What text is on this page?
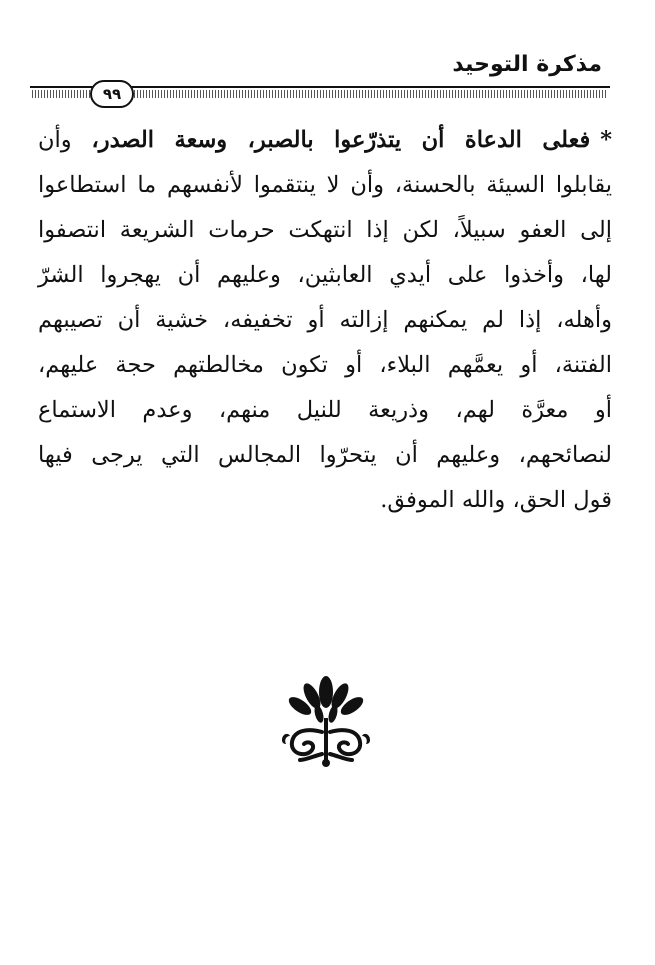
مذكرة التوحيد
٩٩
*فعلى الدعاة أن يتذرّعوا بالصبر، وسعة الصدر، وأن
يقابلوا السيئة بالحسنة، وأن لا ينتقموا لأنفسهم ما استطاعوا
إلى العفو سبيلاً، لكن إذا انتهكت حرمات الشريعة انتصفوا
لها، وأخذوا على أيدي العابثين، وعليهم أن يهجروا الشرّ
وأهله، إذا لم يمكنهم إزالته أو تخفيفه، خشية أن تصيبهم
الفتنة، أو يعمَّهم البلاء، أو تكون مخالطتهم حجة عليهم،
أو معرَّة لهم، وذريعة للنيل منهم، وعدم الاستماع
لنصائحهم، وعليهم أن يتحرّوا المجالس التي يرجى فيها
قول الحق، والله الموفق.
